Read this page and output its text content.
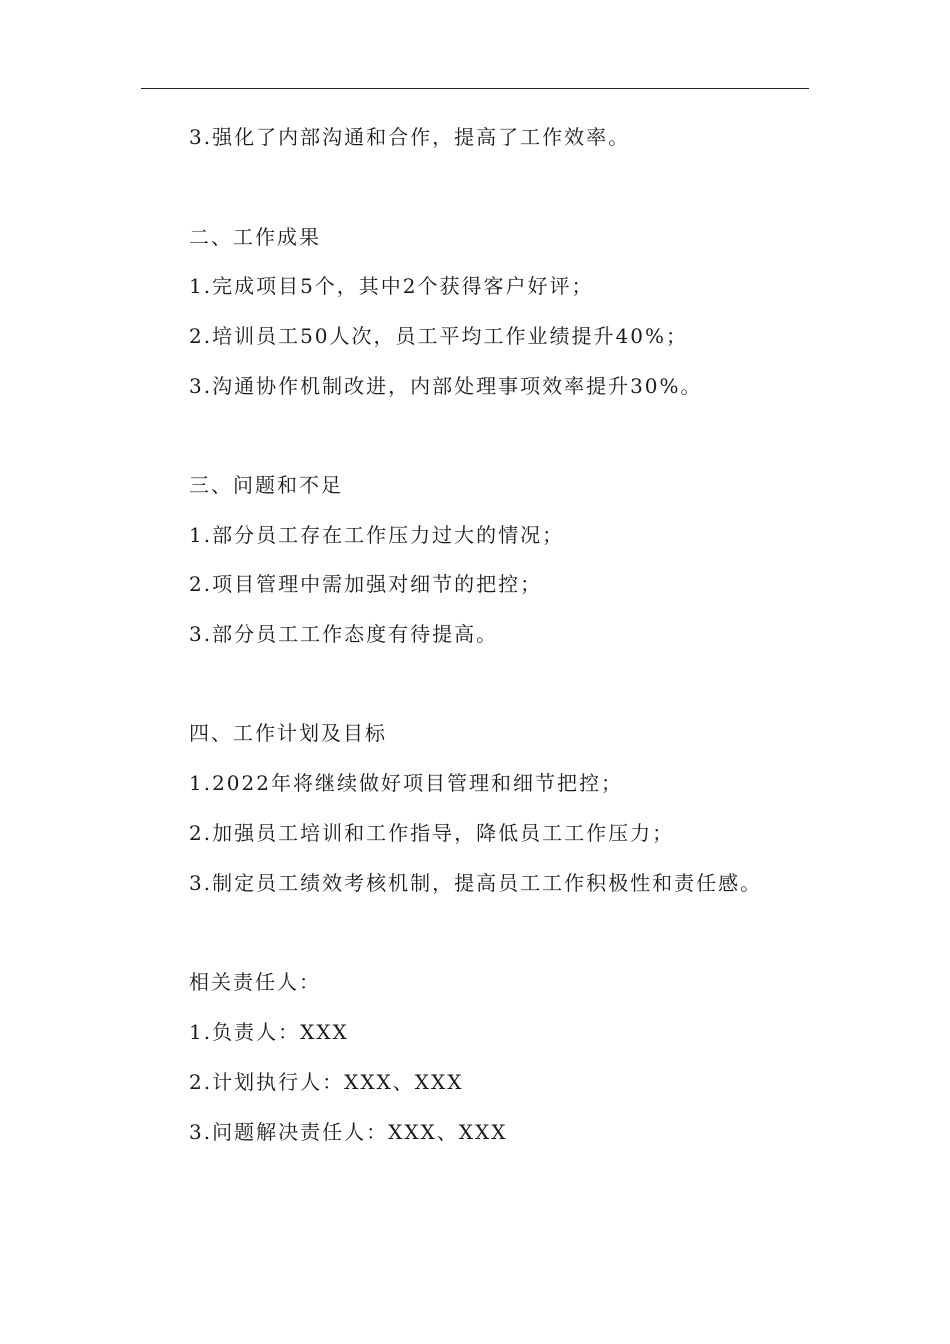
3.强化了内部沟通和合作，提高了工作效率。
二、工作成果
1.完成项目5个，其中2个获得客户好评；
2.培训员工50人次，员工平均工作业绩提升40%；
3.沟通协作机制改进，内部处理事项效率提升30%。
三、问题和不足
1.部分员工存在工作压力过大的情况；
2.项目管理中需加强对细节的把控；
3.部分员工工作态度有待提高。
四、工作计划及目标
1.2022年将继续做好项目管理和细节把控；
2.加强员工培训和工作指导，降低员工工作压力；
3.制定员工绩效考核机制，提高员工工作积极性和责任感。
相关责任人：
1.负责人：XXX
2.计划执行人：XXX、XXX
3.问题解决责任人：XXX、XXX
